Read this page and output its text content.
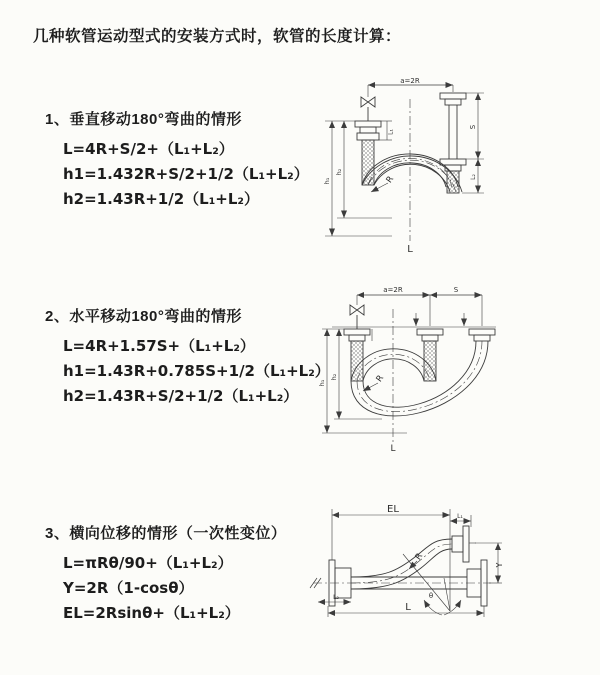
几种软管运动型式的安装方式时，软管的长度计算：
1、垂直移动180°弯曲的情形
L=4R+S/2+（L₁+L₂）
h1=1.432R+S/2+1/2（L₁+L₂）
h2=1.43R+1/2（L₁+L₂）
2、水平移动180°弯曲的情形
L=4R+1.57S+（L₁+L₂）
h1=1.43R+0.785S+1/2（L₁+L₂）
h2=1.43R+S/2+1/2（L₁+L₂）
3、横向位移的情形（一次性变位）
L=πRθ/90+（L₁+L₂）
Y=2R（1-cosθ）
EL=2Rsinθ+（L₁+L₂）
a=2R
L₁
S
L₂
h₁
h₂
R
L
a=2R	S
h₁
h₂	R
L
EL
L₁
Y
R
θ
L
L₂
